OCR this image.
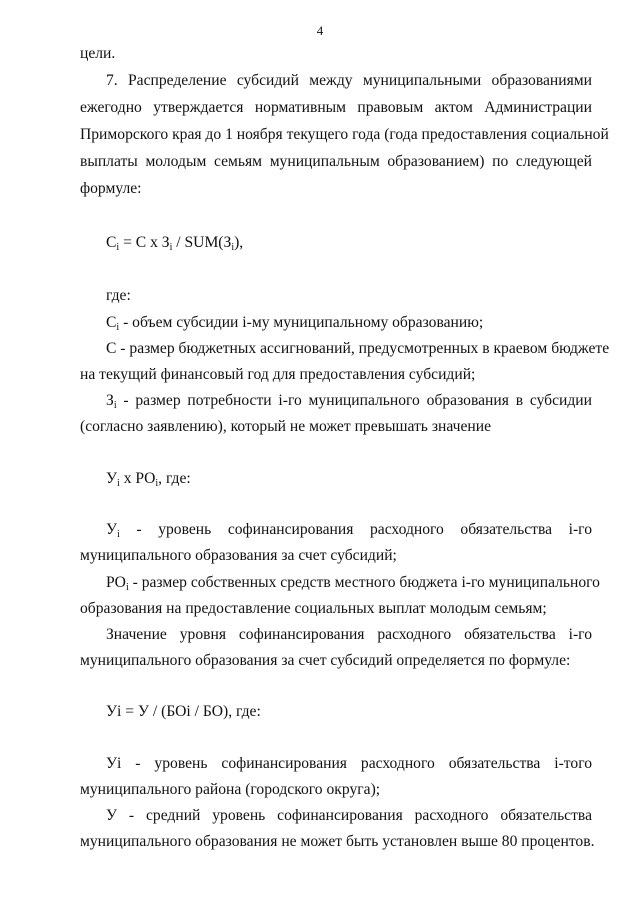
4
цели.
7. Распределение субсидий между муниципальными образованиями
ежегодно утверждается нормативным правовым актом Администрации
Приморского края до 1 ноября текущего года (года предоставления социальной
выплаты молодым семьям муниципальным образованием) по следующей
формуле:
$C_i = C$ x $З_i / SUM(З_i)$,
где:
$C_i$ - объем субсидии i-му муниципальному образованию;
C - размер бюджетных ассигнований, предусмотренных в краевом бюджете
на текущий финансовый год для предоставления субсидий;
$З_i$ - размер потребности i-го муниципального образования в субсидии
(согласно заявлению), который не может превышать значение
$У_i$ x $PO_i$, где:
$У_i$ - уровень софинансирования расходного обязательства i-го
муниципального образования за счет субсидий;
$PO_i$ - размер собственных средств местного бюджета i-го муниципального
образования на предоставление социальных выплат молодым семьям;
Значение уровня софинансирования расходного обязательства i-го
муниципального образования за счет субсидий определяется по формуле:
Уi = У / (БОi / БО), где:
Уi - уровень софинансирования расходного обязательства i-того
муниципального района (городского округа);
У - средний уровень софинансирования расходного обязательства
муниципального образования не может быть установлен выше 80 процентов.
